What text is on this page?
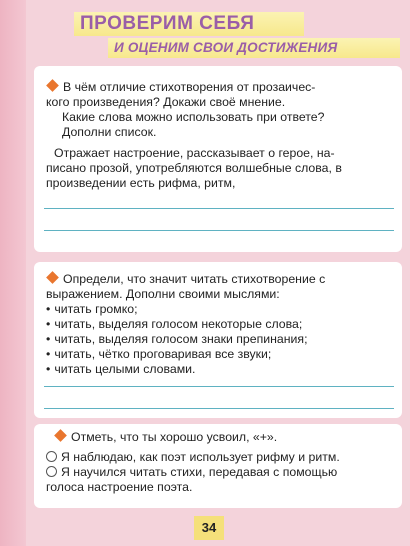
ПРОВЕРИМ СЕБЯ
И ОЦЕНИМ СВОИ ДОСТИЖЕНИЯ
В чём отличие стихотворения от прозаичес-
кого произведения? Докажи своё мнение.
Какие слова можно использовать при ответе?
Дополни список.
Отражает настроение, рассказывает о герое, на-
писано прозой, употребляются волшебные слова, в
произведении есть рифма, ритм,
Определи, что значит читать стихотворение с
выражением. Дополни своими мыслями:
• читать громко;
• читать, выделяя голосом некоторые слова;
• читать, выделяя голосом знаки препинания;
• читать, чётко проговаривая все звуки;
• читать целыми словами.
Отметь, что ты хорошо усвоил, «+».
Я наблюдаю, как поэт использует рифму и ритм.
Я научился читать стихи, передавая с помощью
голоса настроение поэта.
34
